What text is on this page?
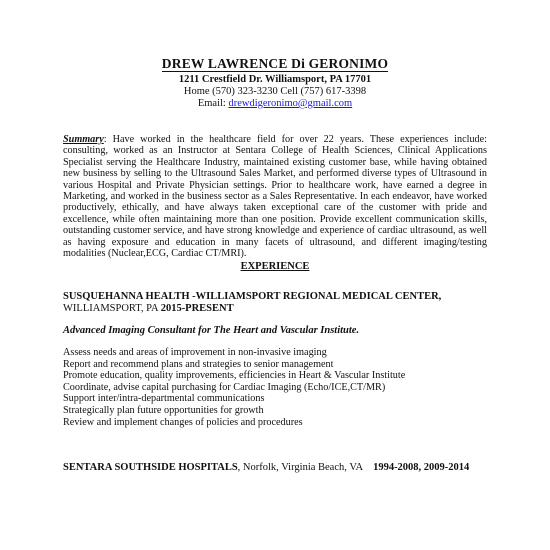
DREW LAWRENCE Di GERONIMO
1211 Crestfield Dr. Williamsport, PA 17701
Home (570) 323-3230 Cell (757) 617-3398
Email: drewdigeronimo@gmail.com
Summary: Have worked in the healthcare field for over 22 years. These experiences include: consulting, worked as an Instructor at Sentara College of Health Sciences, Clinical Applications Specialist serving the Healthcare Industry, maintained existing customer base, while having obtained new business by selling to the Ultrasound Sales Market, and performed diverse types of Ultrasound in various Hospital and Private Physician settings. Prior to healthcare work, have earned a degree in Marketing, and worked in the business sector as a Sales Representative. In each endeavor, have worked productively, ethically, and have always taken exceptional care of the customer with pride and excellence, while often maintaining more than one position. Provide excellent communication skills, outstanding customer service, and have strong knowledge and experience of cardiac ultrasound, as well as having exposure and education in many facets of ultrasound, and different imaging/testing modalities (Nuclear,ECG, Cardiac CT/MRI).
EXPERIENCE
SUSQUEHANNA HEALTH -WILLIAMSPORT REGIONAL MEDICAL CENTER,
WILLIAMSPORT, PA 2015-PRESENT
Advanced Imaging Consultant for The Heart and Vascular Institute.
Assess needs and areas of improvement in non-invasive imaging
Report and recommend plans and strategies to senior management
Promote education, quality improvements, efficiencies in Heart & Vascular Institute
Coordinate, advise capital purchasing for Cardiac Imaging (Echo/ICE,CT/MR)
Support inter/intra-departmental communications
Strategically plan future opportunities for growth
Review and implement changes of policies and procedures
SENTARA SOUTHSIDE HOSPITALS, Norfolk, Virginia Beach, VA    1994-2008, 2009-2014
